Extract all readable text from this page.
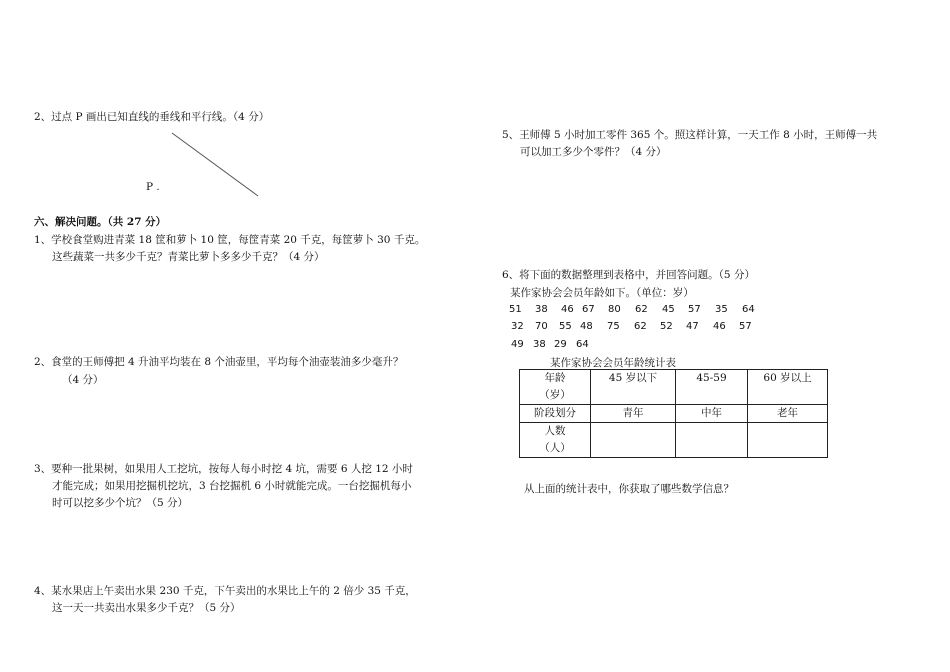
2、过点 P 画出已知直线的垂线和平行线。（4 分）
P .
六、解决问题。（共 27 分）
1、学校食堂购进青菜 18 筐和萝卜 10 筐，每筐青菜 20 千克，每筐萝卜 30 千克。
这些蔬菜一共多少千克？青菜比萝卜多多少千克？（4 分）
2、食堂的王师傅把 4 升油平均装在 8 个油壶里，平均每个油壶装油多少毫升？
（4 分）
3、要种一批果树，如果用人工挖坑，按每人每小时挖 4 坑，需要 6 人挖 12 小时
才能完成；如果用挖掘机挖坑，3 台挖掘机 6 小时就能完成。一台挖掘机每小
时可以挖多少个坑？（5 分）
4、某水果店上午卖出水果 230 千克，下午卖出的水果比上午的 2 倍少 35 千克，
这一天一共卖出水果多少千克？（5 分）
5、王师傅 5 小时加工零件 365 个。照这样计算，一天工作 8 小时，王师傅一共
可以加工多少个零件？（4 分）
6、将下面的数据整理到表格中，并回答问题。（5 分）
某作家协会会员年龄如下。（单位：岁）
51 38 46 67 80 62 45 57 35 64
32 70 55 48 75 62 52 47 46 57
49 38 29 64
某作家协会会员年龄统计表
年龄
（岁）	45 岁以下	45-59	60 岁以上
阶段划分	青年	中年	老年

人数
（人）			

从上面的统计表中，你获取了哪些数学信息？
